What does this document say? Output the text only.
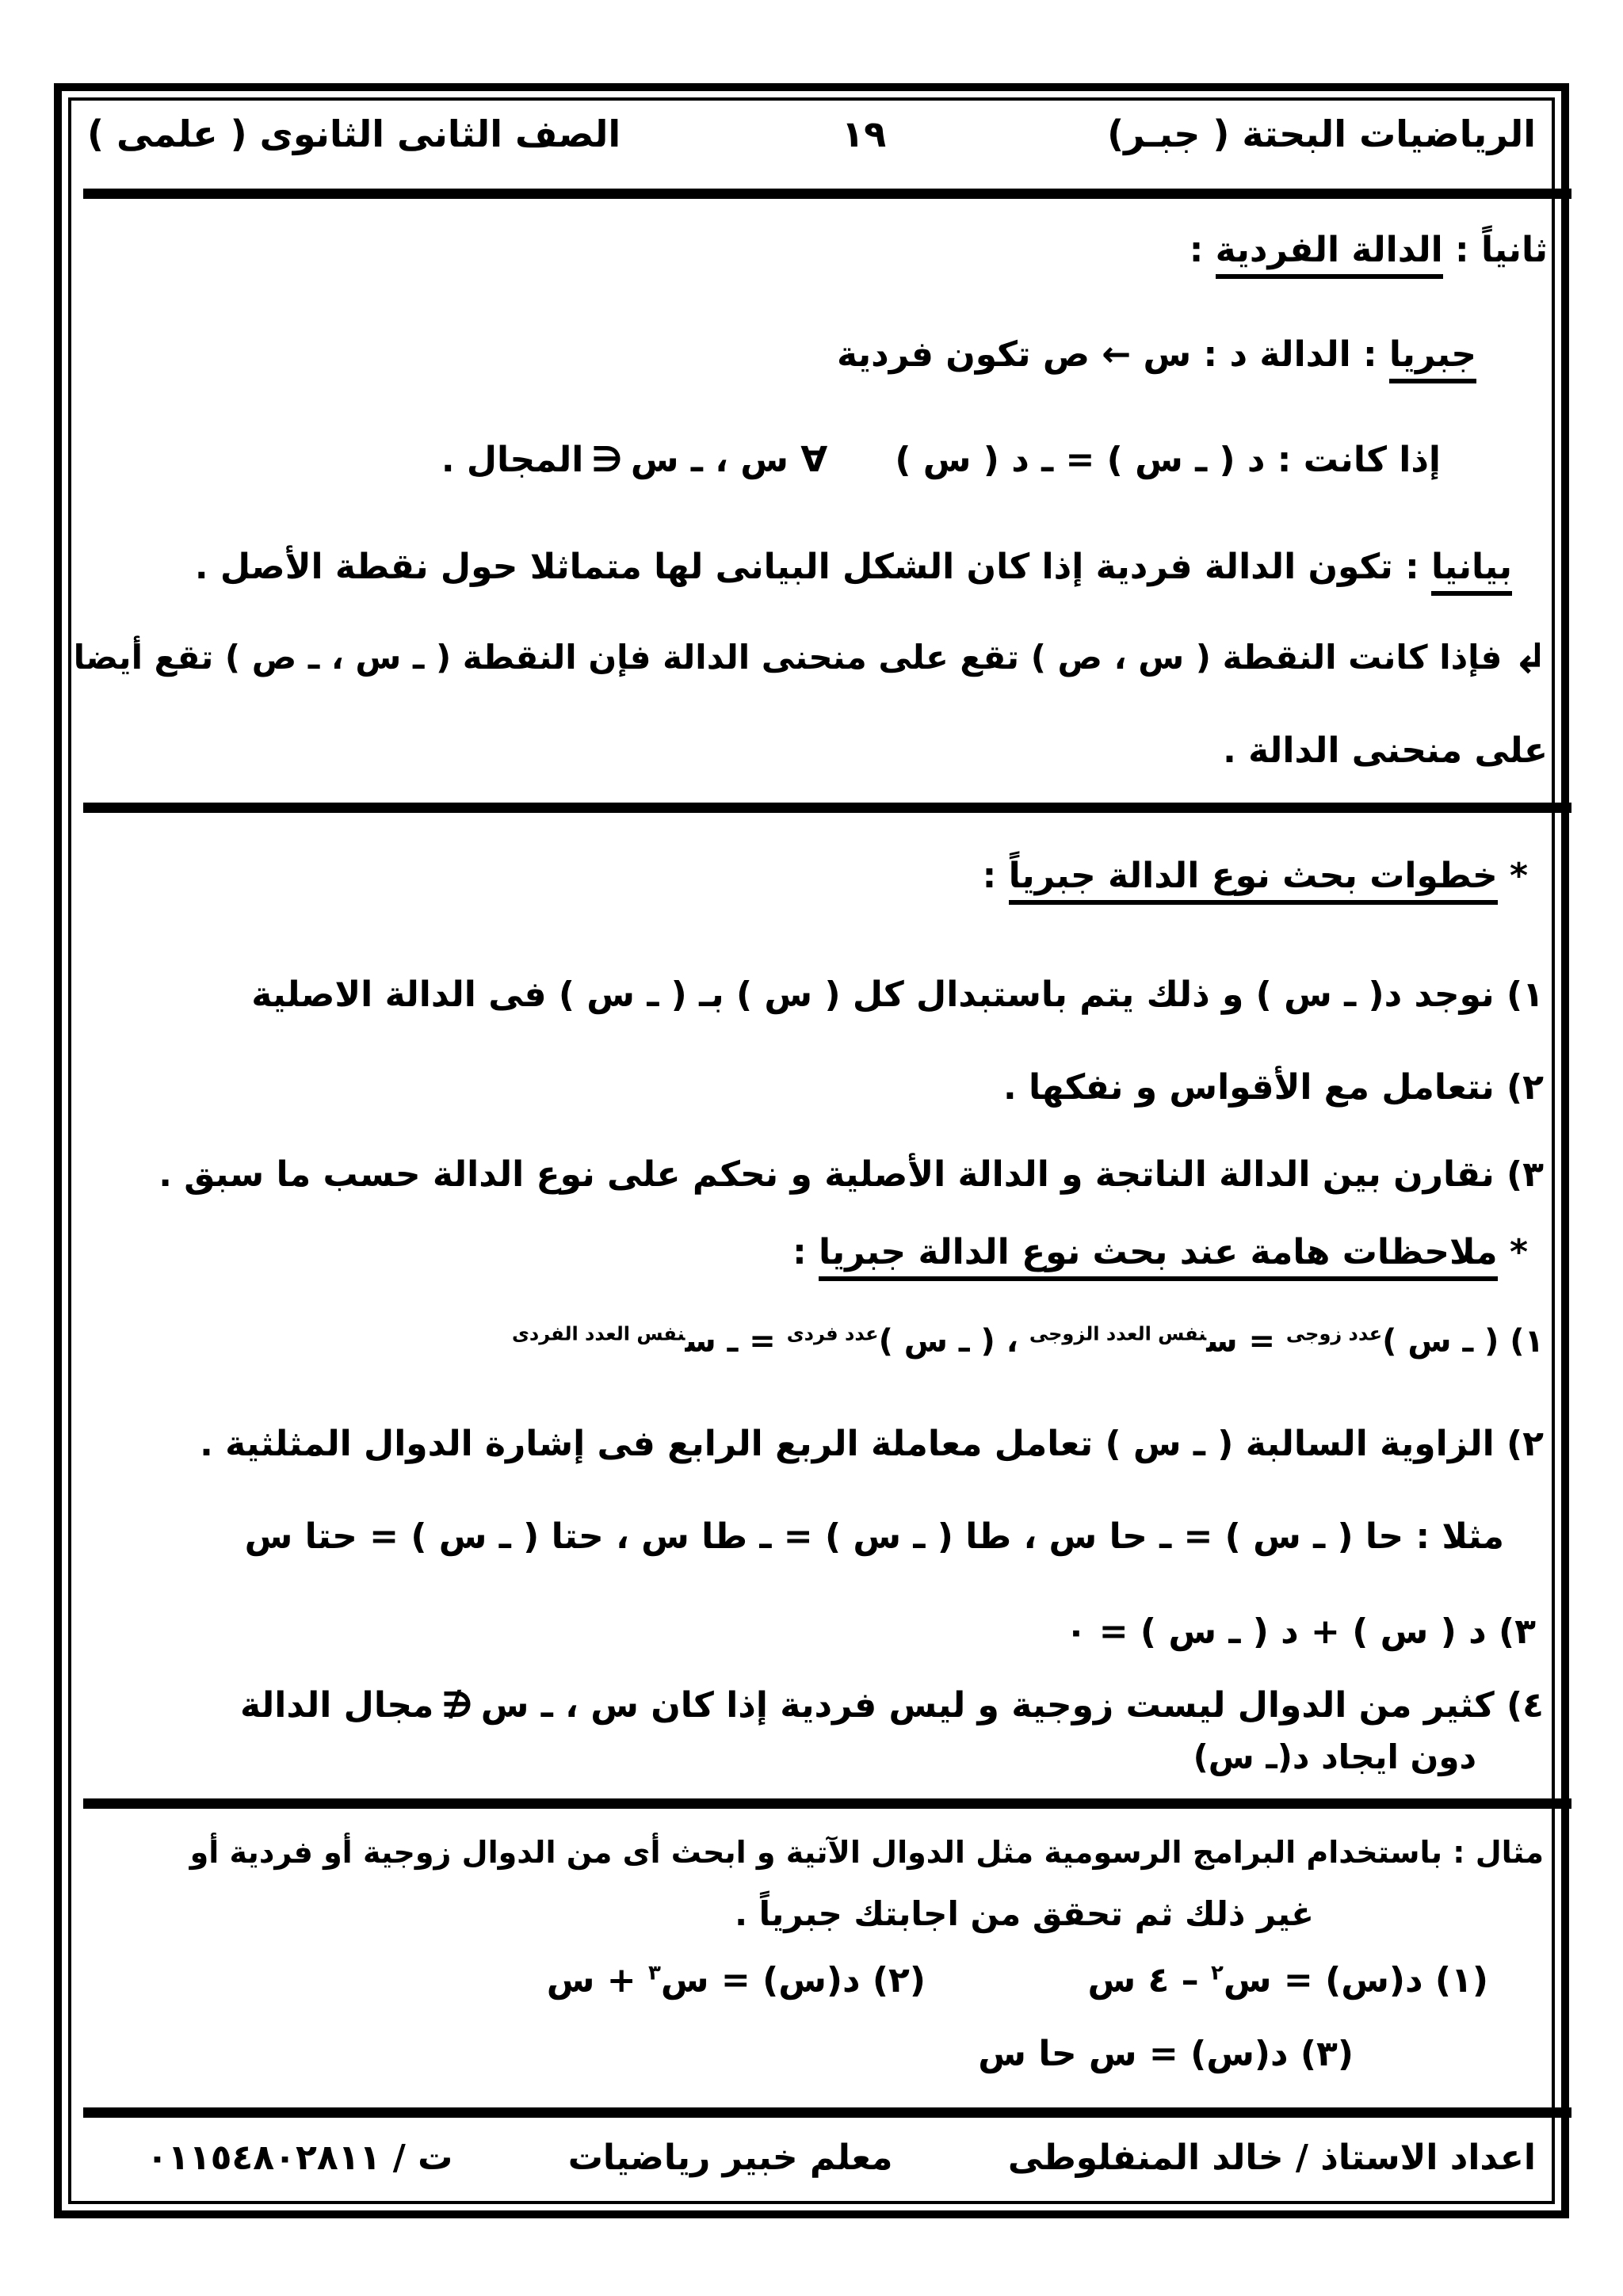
الرياضيات البحتة ( جبـر)
١٩
الصف الثانى الثانوى ( علمى )
ثانياً : الدالة الفردية :
جبريا : الدالة د : س ← ص تكون فردية
إذا كانت : د ( ـ س ) = ـ د ( س )∀ س ، ـ س∋المجال .
بيانيا : تكون الدالة فردية إذا كان الشكل البيانى لها متماثلا حول نقطة الأصل .
↲فإذا كانت النقطة ( س ، ص ) تقع على منحنى الدالة فإن النقطة ( ـ س ، ـ ص ) تقع أيضا
على منحنى الدالة .
* خطوات بحث نوع الدالة جبرياً :
١) نوجد د( ـ س ) و ذلك يتم باستبدال كل ( س ) بـ ( ـ س ) فى الدالة الاصلية
٢) نتعامل مع الأقواس و نفكها .
٣) نقارن بين الدالة الناتجة و الدالة الأصلية و نحكم على نوع الدالة حسب ما سبق .
* ملاحظات هامة عند بحث نوع الدالة جبريا :
١) ( ـ س )$^{عدد زوجى}$ = س$^{نفس العدد الزوجى}$ ، ( ـ س )$^{عدد فردى}$ = ـ س$^{نفس العدد الفردى}$
٢) الزاوية السالبة ( ـ س ) تعامل معاملة الربع الرابع فى إشارة الدوال المثلثية .
مثلا : حا ( ـ س ) = ـ حا س ، طا ( ـ س ) = ـ طا س ، حتا ( ـ س ) = حتا س
٣) د ( س ) + د ( ـ س ) = ٠
٤) كثير من الدوال ليست زوجية و ليس فردية إذا كان س ، ـ س∌مجال الدالة
دون ايجاد د(ـ س)
مثال : باستخدام البرامج الرسومية مثل الدوال الآتية و ابحث أى من الدوال زوجية أو فردية أو
غير ذلك ثم تحقق من اجابتك جبرياً .
(١) د(س) = س$^٢$ – ٤ س
(٢) د(س) = س$^٣$ + س
(٣) د(س) = س حا س
اعداد الاستاذ / خالد المنفلوطى
معلم خبير رياضيات
ت / ٠١١٥٤٨٠٢٨١١
